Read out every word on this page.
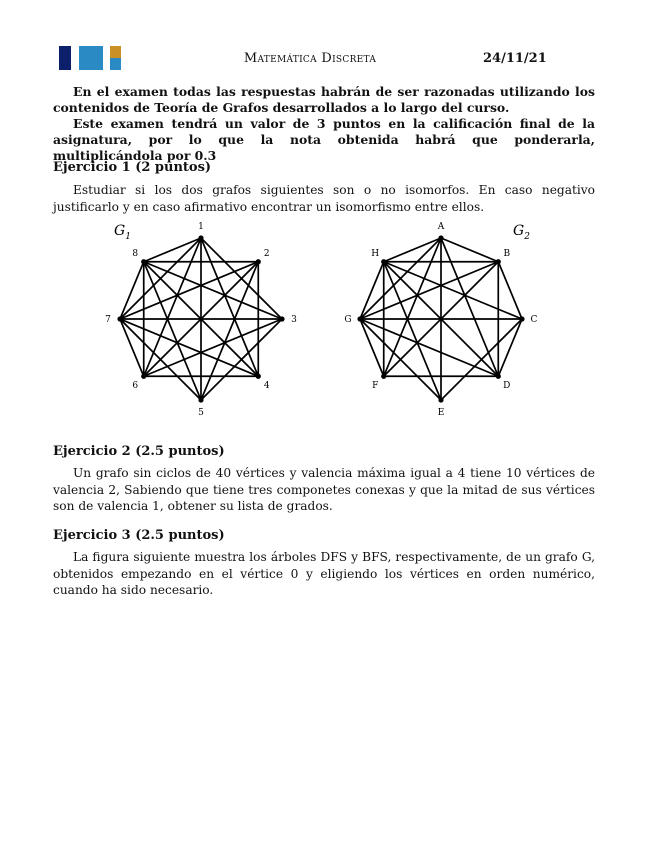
Matemática Discreta	24/11/21

En el examen todas las respuestas habrán de ser razonadas utilizando los contenidos de Teoría de Grafos desarrollados a lo largo del curso.

Este examen tendrá un valor de 3 puntos en la calificación final de la asignatura, por lo que la nota obtenida habrá que ponderarla, multiplicándola por 0.3

Ejercicio 1 (2 puntos)

Estudiar si los dos grafos siguientes son o no isomorfos. En caso negativo justificarlo y en caso afirmativo encontrar un isomorfismo entre ellos.

1
2
3
4
5
6
7
8
A
B
C
D
E
F
G
H
$G_1$	$G_2$
Ejercicio 2 (2.5 puntos)

Un grafo sin ciclos de 40 vértices y valencia máxima igual a 4 tiene 10 vértices de valencia 2, Sabiendo que tiene tres componetes conexas y que la mitad de sus vértices son de valencia 1, obtener su lista de grados.

Ejercicio 3 (2.5 puntos)

La figura siguiente muestra los árboles DFS y BFS, respectivamente, de un grafo G, obtenidos empezando en el vértice 0 y eligiendo los vértices en orden numérico, cuando ha sido necesario.
